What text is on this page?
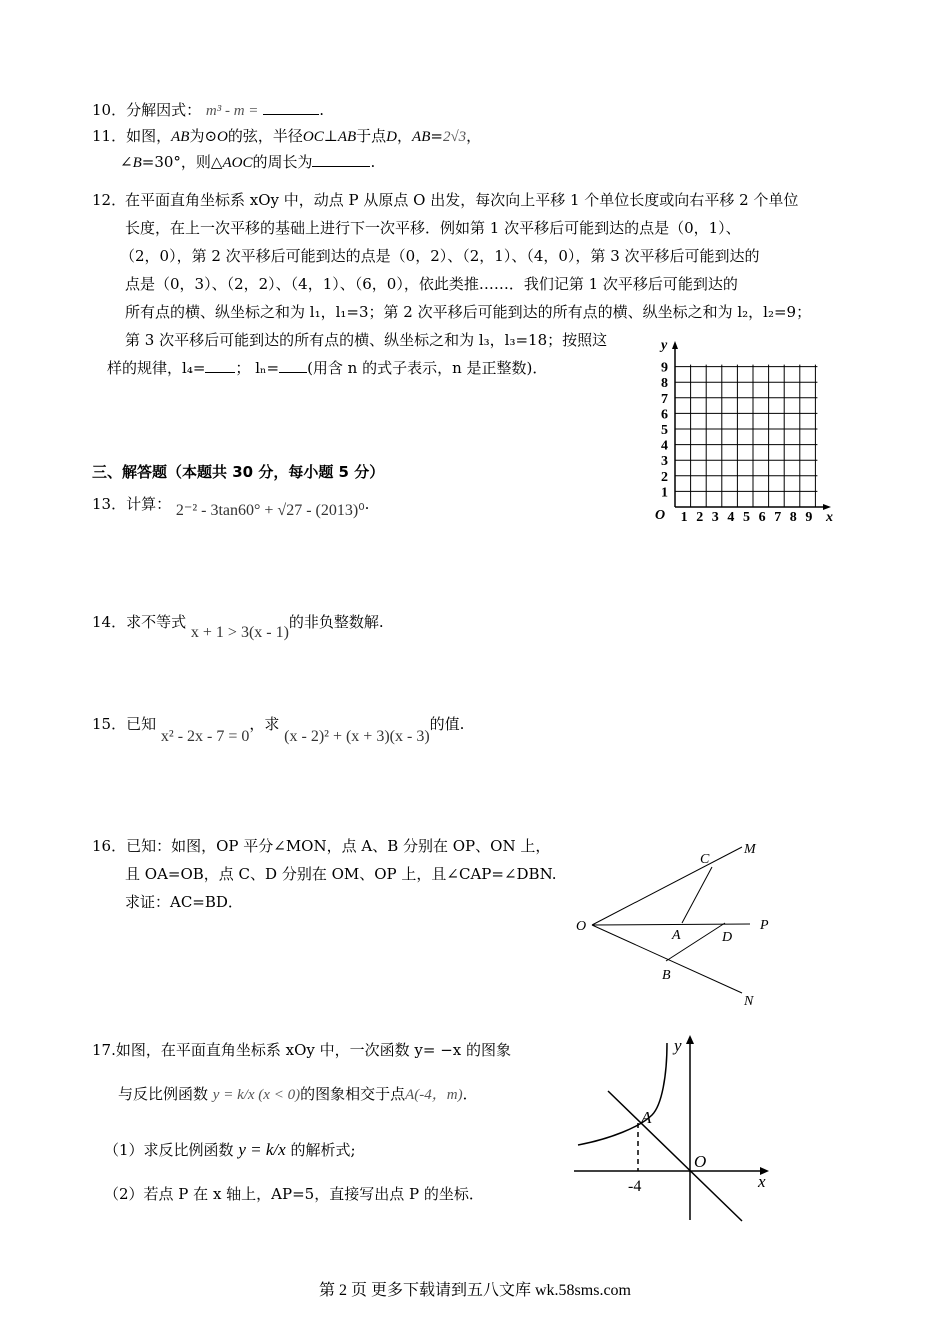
10．分解因式： m³ - m =	.
11．如图，AB为⊙O的弦，半径OC⊥AB于点D，AB=2√3，
∠B=30°，则△AOC的周长为	.
12．
在平面直角坐标系 xOy 中，动点 P 从原点 O 出发，每次向上平移 1 个单位长度或向右平移 2 个单位
长度，在上一次平移的基础上进行下一次平移．例如第 1 次平移后可能到达的点是（0，1）、
（2，0），第 2 次平移后可能到达的点是（0，2）、（2，1）、（4，0），第 3 次平移后可能到达的
点是（0，3）、（2，2）、（4，1）、（6，0），依此类推……．我们记第 1 次平移后可能到达的
所有点的横、纵坐标之和为 l₁，l₁=3；第 2 次平移后可能到达的所有点的横、纵坐标之和为 l₂，l₂=9；
第 3 次平移后可能到达的所有点的横、纵坐标之和为 l₃，l₃=18；按照这
样的规律，l₄= ； lₙ= (用含 n 的式子表示，n 是正整数)．
y
x
O
1
2
3
4
5
6
7
8
9
1 2 3 4 5 6 7 8 9
三、解答题（本题共 30 分，每小题 5 分）
13．计算： 2⁻² - 3tan60° + √27 - (2013)⁰.
14．求不等式 x + 1 > 3(x - 1)的非负整数解.
15．已知 x² - 2x - 7 = 0，求 (x - 2)² + (x + 3)(x - 3)的值.
16．已知：如图，OP 平分∠MON，点 A、B 分别在 OP、ON 上，
且 OA=OB，点 C、D 分别在 OM、OP 上，且∠CAP=∠DBN.
求证：AC=BD．
O
M
P
N
C
A	D
B
17.如图，在平面直角坐标系 xOy 中，一次函数 y= −x 的图象
与反比例函数 y = k/x (x < 0)的图象相交于点A(-4，m)．
（1）求反比例函数 y = k/x 的解析式;
（2）若点 P 在 x 轴上，AP=5，直接写出点 P 的坐标．
y
x
O
A
-4
第 2 页 更多下载请到五八文库 wk.58sms.com
